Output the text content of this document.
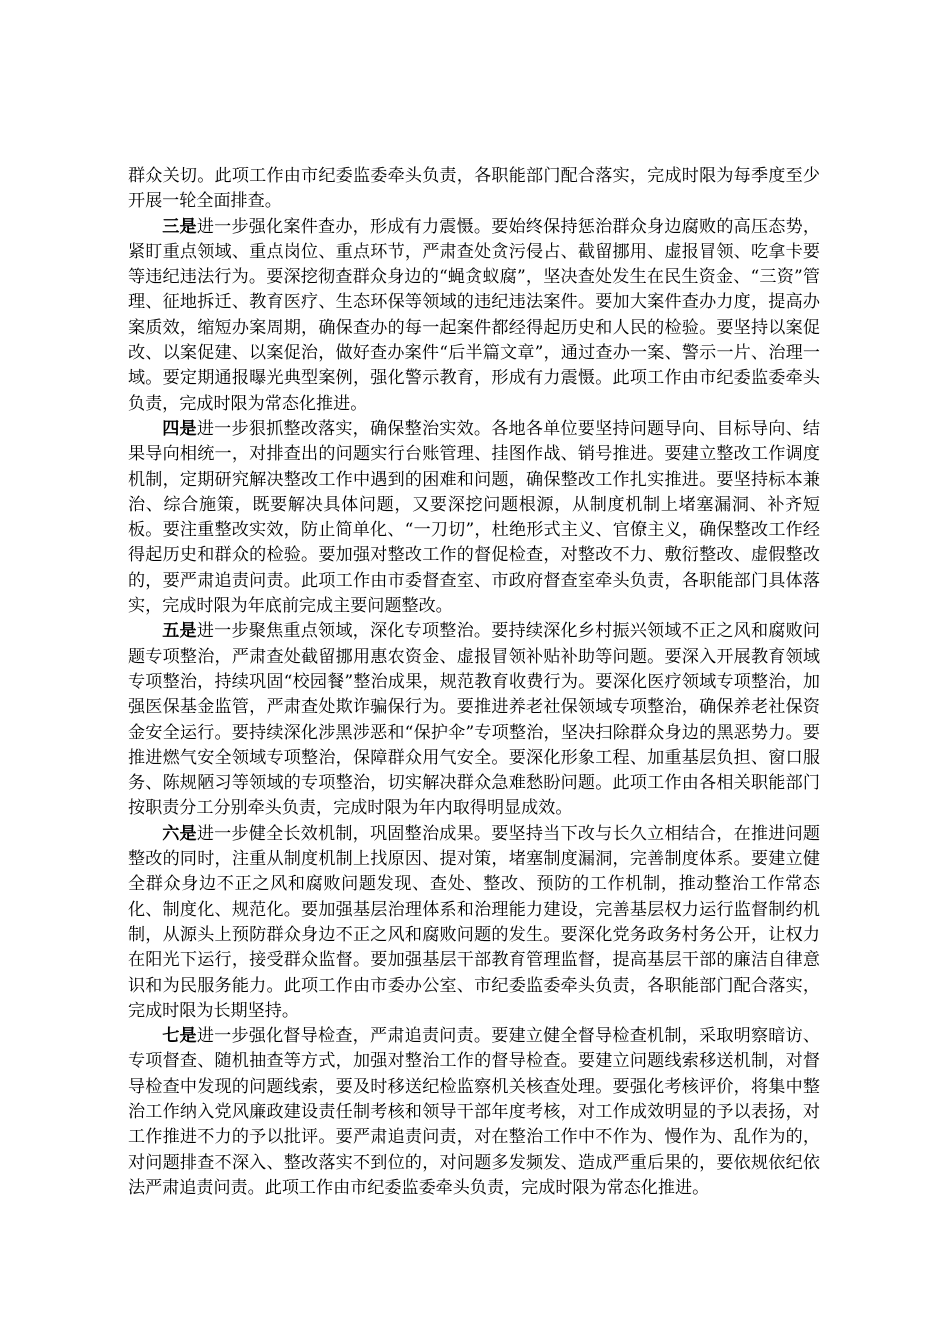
群众关切。此项工作由市纪委监委牵头负责，各职能部门配合落实，完成时限为每季度至少开展一轮全面排查。

三是进一步强化案件查办，形成有力震慑。要始终保持惩治群众身边腐败的高压态势，紧盯重点领域、重点岗位、重点环节，严肃查处贪污侵占、截留挪用、虚报冒领、吃拿卡要等违纪违法行为。要深挖彻查群众身边的“蝇贪蚁腐”，坚决查处发生在民生资金、“三资”管理、征地拆迁、教育医疗、生态环保等领域的违纪违法案件。要加大案件查办力度，提高办案质效，缩短办案周期，确保查办的每一起案件都经得起历史和人民的检验。要坚持以案促改、以案促建、以案促治，做好查办案件“后半篇文章”，通过查办一案、警示一片、治理一域。要定期通报曝光典型案例，强化警示教育，形成有力震慑。此项工作由市纪委监委牵头负责，完成时限为常态化推进。

四是进一步狠抓整改落实，确保整治实效。各地各单位要坚持问题导向、目标导向、结果导向相统一，对排查出的问题实行台账管理、挂图作战、销号推进。要建立整改工作调度机制，定期研究解决整改工作中遇到的困难和问题，确保整改工作扎实推进。要坚持标本兼治、综合施策，既要解决具体问题，又要深挖问题根源，从制度机制上堵塞漏洞、补齐短板。要注重整改实效，防止简单化、“一刀切”，杜绝形式主义、官僚主义，确保整改工作经得起历史和群众的检验。要加强对整改工作的督促检查，对整改不力、敷衍整改、虚假整改的，要严肃追责问责。此项工作由市委督查室、市政府督查室牵头负责，各职能部门具体落实，完成时限为年底前完成主要问题整改。

五是进一步聚焦重点领域，深化专项整治。要持续深化乡村振兴领域不正之风和腐败问题专项整治，严肃查处截留挪用惠农资金、虚报冒领补贴补助等问题。要深入开展教育领域专项整治，持续巩固“校园餐”整治成果，规范教育收费行为。要深化医疗领域专项整治，加强医保基金监管，严肃查处欺诈骗保行为。要推进养老社保领域专项整治，确保养老社保资金安全运行。要持续深化涉黑涉恶和“保护伞”专项整治，坚决扫除群众身边的黑恶势力。要推进燃气安全领域专项整治，保障群众用气安全。要深化形象工程、加重基层负担、窗口服务、陈规陋习等领域的专项整治，切实解决群众急难愁盼问题。此项工作由各相关职能部门按职责分工分别牵头负责，完成时限为年内取得明显成效。

六是进一步健全长效机制，巩固整治成果。要坚持当下改与长久立相结合，在推进问题整改的同时，注重从制度机制上找原因、提对策，堵塞制度漏洞，完善制度体系。要建立健全群众身边不正之风和腐败问题发现、查处、整改、预防的工作机制，推动整治工作常态化、制度化、规范化。要加强基层治理体系和治理能力建设，完善基层权力运行监督制约机制，从源头上预防群众身边不正之风和腐败问题的发生。要深化党务政务村务公开，让权力在阳光下运行，接受群众监督。要加强基层干部教育管理监督，提高基层干部的廉洁自律意识和为民服务能力。此项工作由市委办公室、市纪委监委牵头负责，各职能部门配合落实，完成时限为长期坚持。

七是进一步强化督导检查，严肃追责问责。要建立健全督导检查机制，采取明察暗访、专项督查、随机抽查等方式，加强对整治工作的督导检查。要建立问题线索移送机制，对督导检查中发现的问题线索，要及时移送纪检监察机关核查处理。要强化考核评价，将集中整治工作纳入党风廉政建设责任制考核和领导干部年度考核，对工作成效明显的予以表扬，对工作推进不力的予以批评。要严肃追责问责，对在整治工作中不作为、慢作为、乱作为的，对问题排查不深入、整改落实不到位的，对问题多发频发、造成严重后果的，要依规依纪依法严肃追责问责。此项工作由市纪委监委牵头负责，完成时限为常态化推进。
